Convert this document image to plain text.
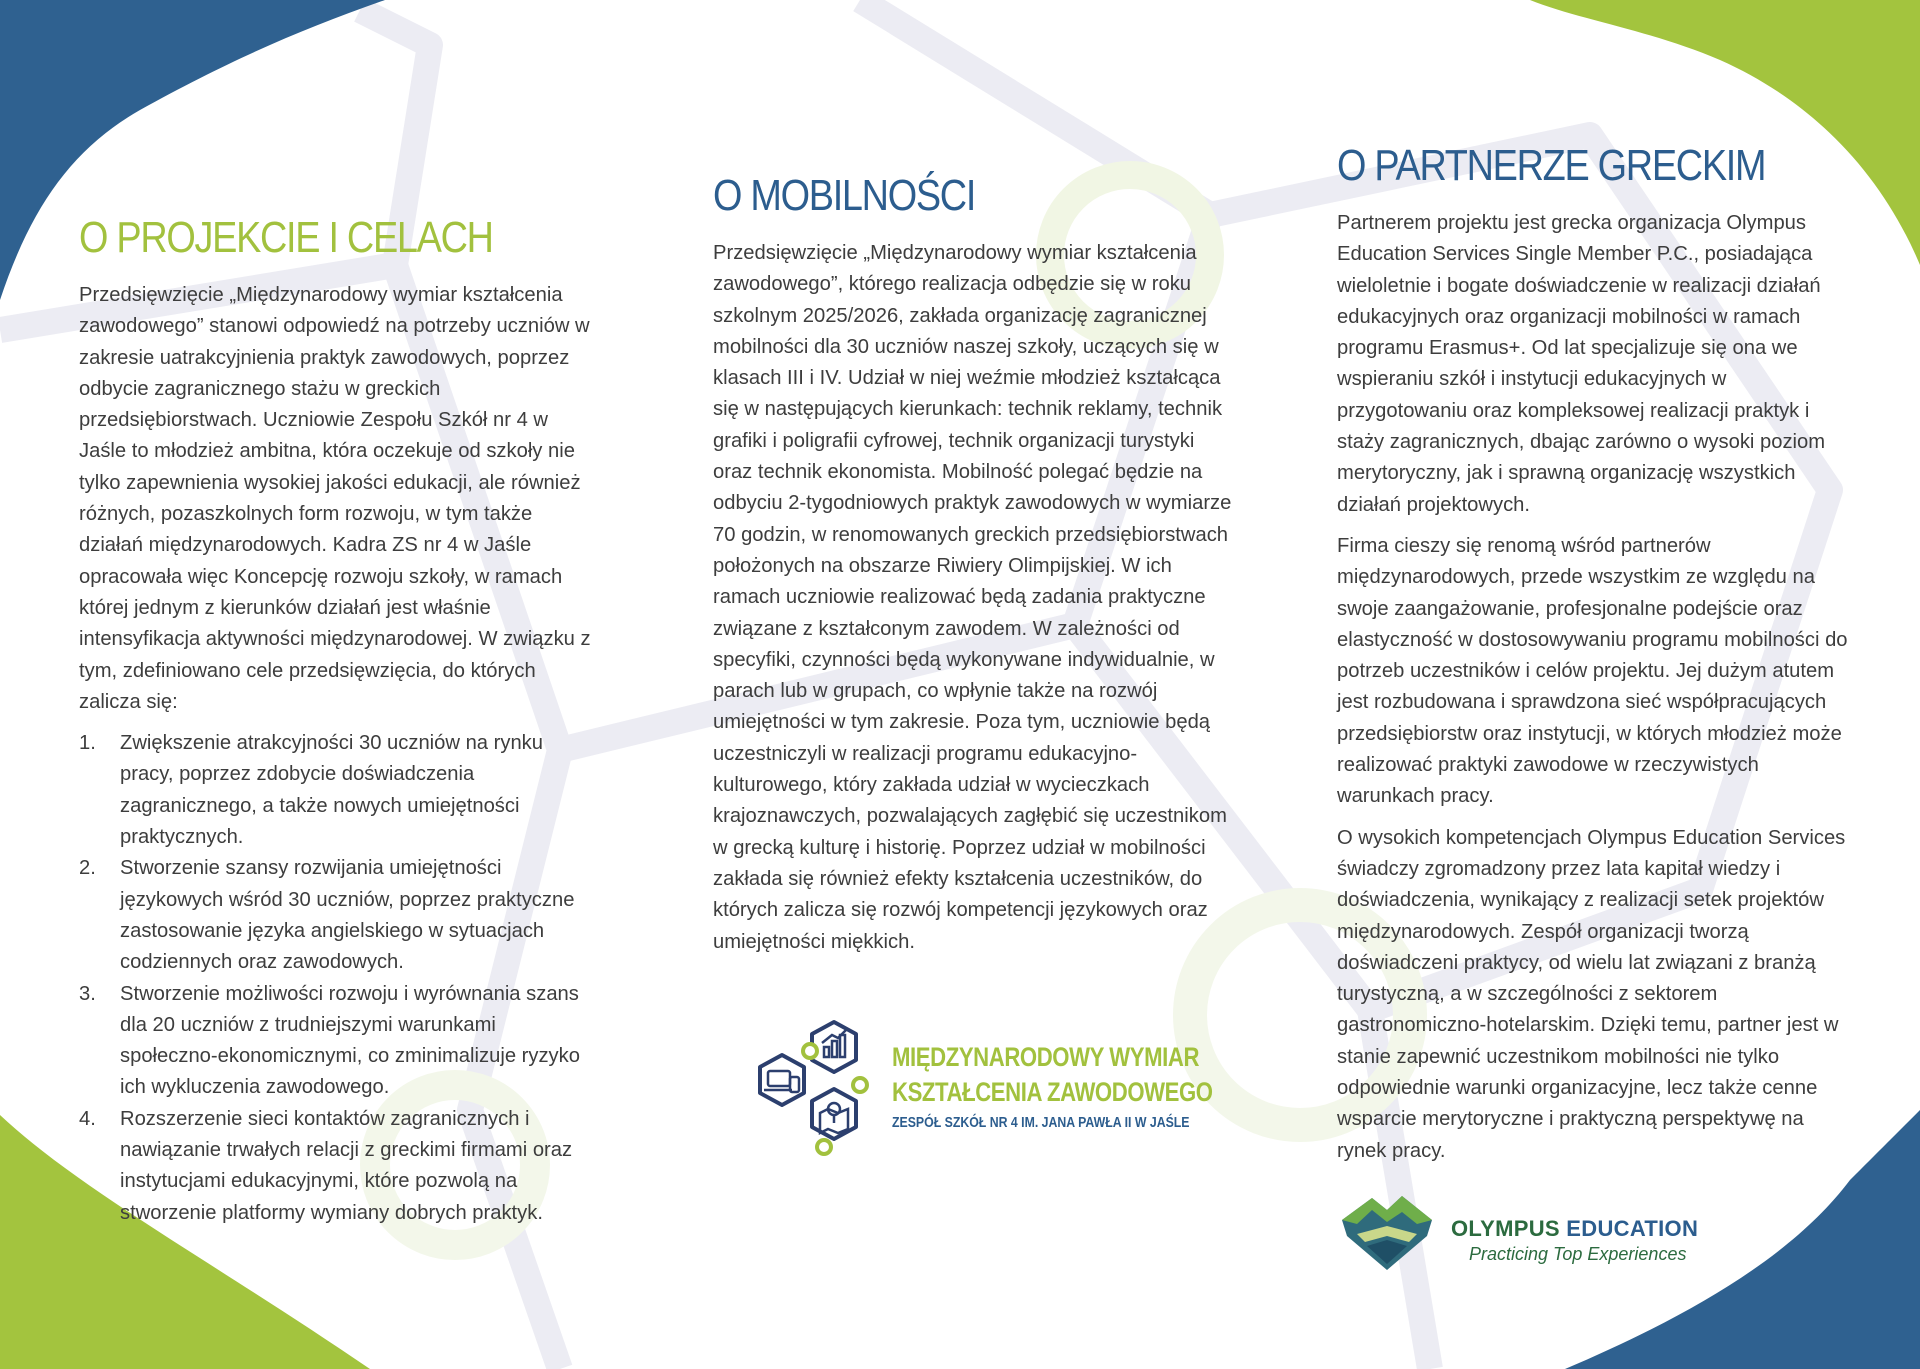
O PROJEKCIE I CELACH

Przedsięwzięcie „Międzynarodowy wymiar kształcenia zawodowego” stanowi odpowiedź na potrzeby uczniów w zakresie uatrakcyjnienia praktyk zawodowych, poprzez odbycie zagranicznego stażu w greckich przedsiębiorstwach. Uczniowie Zespołu Szkół nr 4 w Jaśle to młodzież ambitna, która oczekuje od szkoły nie tylko zapewnienia wysokiej jakości edukacji, ale również różnych, pozaszkolnych form rozwoju, w tym także działań międzynarodowych. Kadra ZS nr 4 w Jaśle opracowała więc Koncepcję rozwoju szkoły, w ramach której jednym z kierunków działań jest właśnie intensyfikacja aktywności międzynarodowej. W związku z tym, zdefiniowano cele przedsięwzięcia, do których zalicza się:

1. Zwiększenie atrakcyjności 30 uczniów na rynku pracy, poprzez zdobycie doświadczenia zagranicznego, a także nowych umiejętności praktycznych.
2. Stworzenie szansy rozwijania umiejętności językowych wśród 30 uczniów, poprzez praktyczne zastosowanie języka angielskiego w sytuacjach codziennych oraz zawodowych.
3. Stworzenie możliwości rozwoju i wyrównania szans dla 20 uczniów z trudniejszymi warunkami społeczno-ekonomicznymi, co zminimalizuje ryzyko ich wykluczenia zawodowego.
4. Rozszerzenie sieci kontaktów zagranicznych i nawiązanie trwałych relacji z greckimi firmami oraz instytucjami edukacyjnymi, które pozwolą na stworzenie platformy wymiany dobrych praktyk.
O MOBILNOŚCI

Przedsięwzięcie „Międzynarodowy wymiar kształcenia zawodowego”, którego realizacja odbędzie się w roku szkolnym 2025/2026, zakłada organizację zagranicznej mobilności dla 30 uczniów naszej szkoły, uczących się w klasach III i IV. Udział w niej weźmie młodzież kształcąca się w następujących kierunkach: technik reklamy, technik grafiki i poligrafii cyfrowej, technik organizacji turystyki oraz technik ekonomista. Mobilność polegać będzie na odbyciu 2-tygodniowych praktyk zawodowych w wymiarze 70 godzin, w renomowanych greckich przedsiębiorstwach położonych na obszarze Riwiery Olimpijskiej. W ich ramach uczniowie realizować będą zadania praktyczne związane z kształconym zawodem. W zależności od specyfiki, czynności będą wykonywane indywidualnie, w parach lub w grupach, co wpłynie także na rozwój umiejętności w tym zakresie. Poza tym, uczniowie będą uczestniczyli w realizacji programu edukacyjno-kulturowego, który zakłada udział w wycieczkach krajoznawczych, pozwalających zagłębić się uczestnikom w grecką kulturę i historię. Poprzez udział w mobilności zakłada się również efekty kształcenia uczestników, do których zalicza się rozwój kompetencji językowych oraz umiejętności miękkich.

MIĘDZYNARODOWY WYMIAR
KSZTAŁCENIA ZAWODOWEGO
ZESPÓŁ SZKÓŁ NR 4 IM. JANA PAWŁA II W JAŚLE
O PARTNERZE GRECKIM

Partnerem projektu jest grecka organizacja Olympus Education Services Single Member P.C., posiadająca wieloletnie i bogate doświadczenie w realizacji działań edukacyjnych oraz organizacji mobilności w ramach programu Erasmus+. Od lat specjalizuje się ona we wspieraniu szkół i instytucji edukacyjnych w przygotowaniu oraz kompleksowej realizacji praktyk i staży zagranicznych, dbając zarówno o wysoki poziom merytoryczny, jak i sprawną organizację wszystkich działań projektowych.

Firma cieszy się renomą wśród partnerów międzynarodowych, przede wszystkim ze względu na swoje zaangażowanie, profesjonalne podejście oraz elastyczność w dostosowywaniu programu mobilności do potrzeb uczestników i celów projektu. Jej dużym atutem jest rozbudowana i sprawdzona sieć współpracujących przedsiębiorstw oraz instytucji, w których młodzież może realizować praktyki zawodowe w rzeczywistych warunkach pracy.

O wysokich kompetencjach Olympus Education Services świadczy zgromadzony przez lata kapitał wiedzy i doświadczenia, wynikający z realizacji setek projektów międzynarodowych. Zespół organizacji tworzą doświadczeni praktycy, od wielu lat związani z branżą turystyczną, a w szczególności z sektorem gastronomiczno-hotelarskim. Dzięki temu, partner jest w stanie zapewnić uczestnikom mobilności nie tylko odpowiednie warunki organizacyjne, lecz także cenne wsparcie merytoryczne i praktyczną perspektywę na rynek pracy.

OLYMPUS EDUCATION
Practicing Top Experiences
